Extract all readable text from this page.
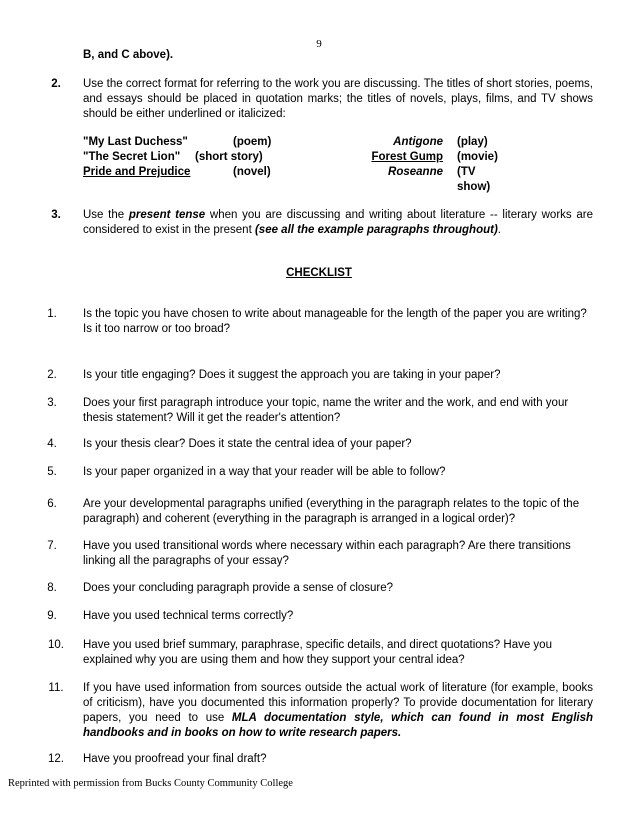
9
B, and C above).
2.	Use the correct format for referring to the work you are discussing. The titles of short stories, poems, and essays should be placed in quotation marks; the titles of novels, plays, films, and TV shows should be either underlined or italicized:
"My Last Duchess"	(poem)	Antigone (play)
"The Secret Lion" (short story)	Forest Gump (movie)
Pride and Prejudice	(novel)	Roseanne (TV show)
3.	Use the present tense when you are discussing and writing about literature -- literary works are considered to exist in the present (see all the example paragraphs throughout).
CHECKLIST
1.	Is the topic you have chosen to write about manageable for the length of the paper you are writing?
Is it too narrow or too broad?
2.	Is your title engaging? Does it suggest the approach you are taking in your paper?
3.	Does your first paragraph introduce your topic, name the writer and the work, and end with your thesis statement? Will it get the reader's attention?
4.	Is your thesis clear? Does it state the central idea of your paper?
5.	Is your paper organized in a way that your reader will be able to follow?
6.	Are your developmental paragraphs unified (everything in the paragraph relates to the topic of the paragraph) and coherent (everything in the paragraph is arranged in a logical order)?
7.	Have you used transitional words where necessary within each paragraph? Are there transitions linking all the paragraphs of your essay?
8.	Does your concluding paragraph provide a sense of closure?
9.	Have you used technical terms correctly?
10.	Have you used brief summary, paraphrase, specific details, and direct quotations? Have you explained why you are using them and how they support your central idea?
11.	If you have used information from sources outside the actual work of literature (for example, books of criticism), have you documented this information properly? To provide documentation for literary papers, you need to use MLA documentation style, which can found in most English handbooks and in books on how to write research papers.
12.	Have you proofread your final draft?
Reprinted with permission from Bucks County Community College
